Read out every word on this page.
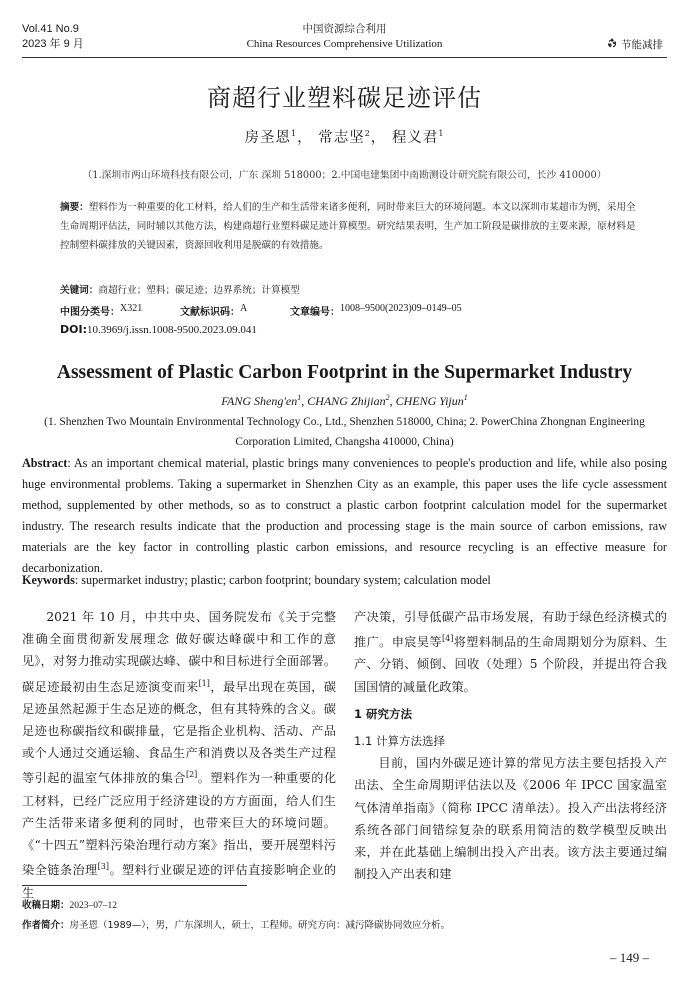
Vol.41 No.9
2023 年 9 月
中国资源综合利用
China Resources Comprehensive Utilization	节能减排
商超行业塑料碳足迹评估
房圣恩$^1$， 常志坚$^2$， 程义君$^1$
（1.深圳市两山环境科技有限公司，广东 深圳 518000；2.中国电建集团中南勘测设计研究院有限公司，长沙 410000）
摘要：塑料作为一种重要的化工材料，给人们的生产和生活带来诸多便利，同时带来巨大的环境问题。本文以深圳市某超市为例，采用全生命周期评估法，同时辅以其他方法，构建商超行业塑料碳足迹计算模型。研究结果表明，生产加工阶段是碳排放的主要来源，原材料是控制塑料碳排放的关键因素，资源回收利用是脱碳的有效措施。
关键词：商超行业；塑料；碳足迹；边界系统；计算模型
中图分类号： X321	文献标识码： A	文章编号： 1008–9500(2023)09–0149–05
DOI:10.3969/j.issn.1008-9500.2023.09.041
Assessment of Plastic Carbon Footprint in the Supermarket Industry
FANG $Sheng'en^1$, CHANG Zhijian$^2$, CHENG Yijun$^1$
(1. Shenzhen Two Mountain Environmental Technology Co., Ltd., Shenzhen 518000, China; 2. PowerChina Zhongnan Engineering
Corporation Limited, Changsha 410000, China)
Abstract: As an important chemical material, plastic brings many conveniences to people's production and life, while also posing huge environmental problems. Taking a supermarket in Shenzhen City as an example, this paper uses the life cycle assessment method, supplemented by other methods, so as to construct a plastic carbon footprint calculation model for the supermarket industry. The research results indicate that the production and processing stage is the main source of carbon emissions, raw materials are the key factor in controlling plastic carbon emissions, and resource recycling is an effective measure for decarbonization.
Keywords: supermarket industry; plastic; carbon footprint; boundary system; calculation model

2021 年 10 月，中共中央、国务院发布《关于完整准确全面贯彻新发展理念 做好碳达峰碳中和工作的意见》，对努力推动实现碳达峰、碳中和目标进行全面部署。碳足迹最初由生态足迹演变而来[1]，最早出现在英国，碳足迹虽然起源于生态足迹的概念，但有其特殊的含义。碳足迹也称碳指纹和碳排量，它是指企业机构、活动、产品或个人通过交通运输、食品生产和消费以及各类生产过程等引起的温室气体排放的集合[2]。塑料作为一种重要的化工材料，已经广泛应用于经济建设的方方面面，给人们生产生活带来诸多便利的同时，也带来巨大的环境问题。《“十四五”塑料污染治理行动方案》指出，要开展塑料污染全链条治理[3]。塑料行业碳足迹的评估直接影响企业的生

产决策，引导低碳产品市场发展，有助于绿色经济模式的推广。申宸昊等[4]将塑料制品的生命周期划分为原料、生产、分销、倾倒、回收（处理）5 个阶段，并提出符合我国国情的减量化政策。

1 研究方法

1.1 计算方法选择

目前，国内外碳足迹计算的常见方法主要包括投入产出法、全生命周期评估法以及《2006 年 IPCC 国家温室气体清单指南》（简称 IPCC 清单法）。投入产出法将经济系统各部门间错综复杂的联系用简洁的数学模型反映出来，并在此基础上编制出投入产出表。该方法主要通过编制投入产出表和建

收稿日期：2023–07–12
作者简介：房圣恩（1989—），男，广东深圳人，硕士，工程师。研究方向：减污降碳协同效应分析。
– 149 –
